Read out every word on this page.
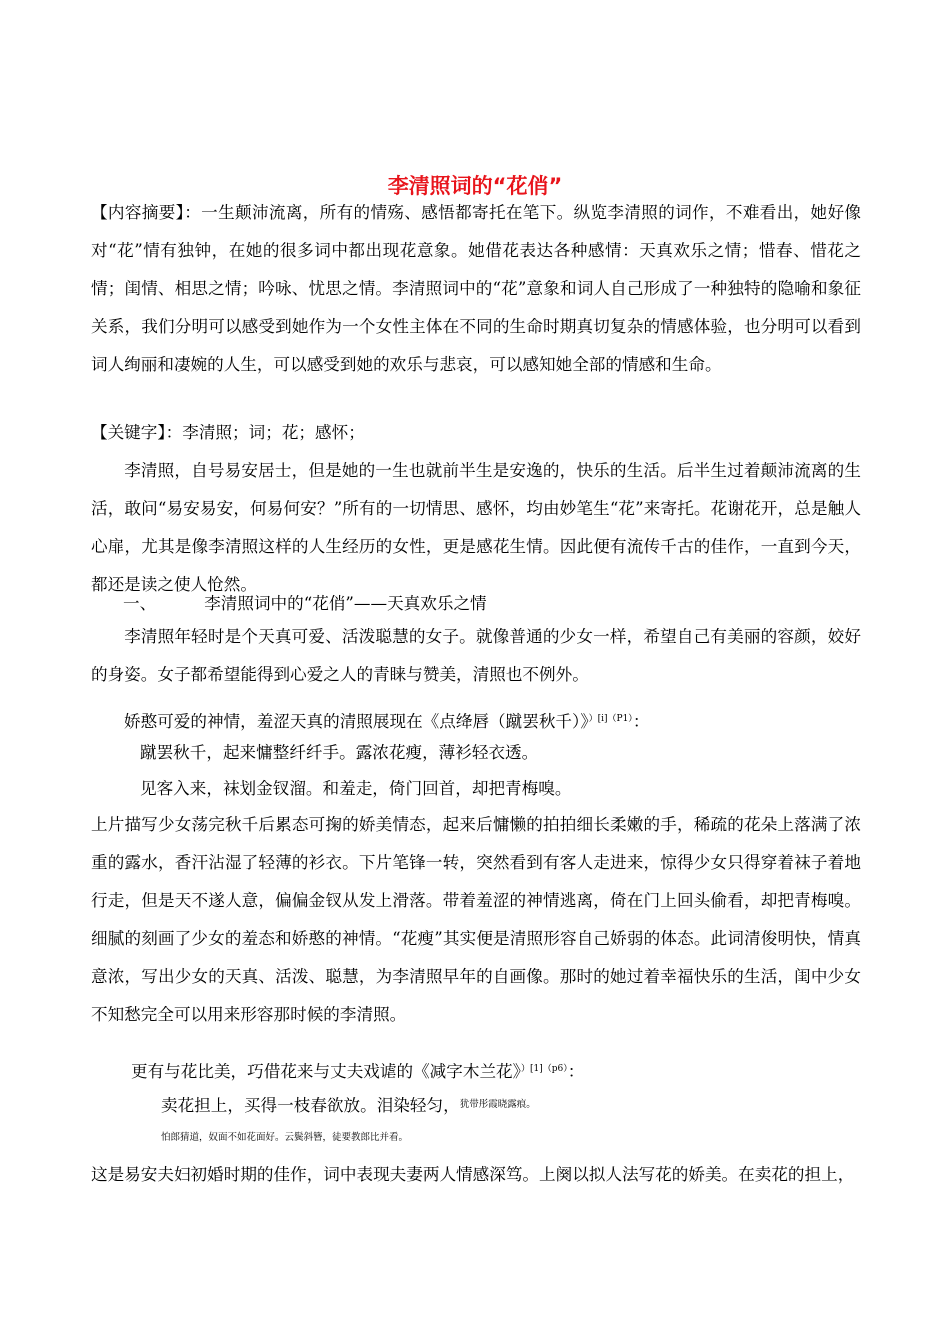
李清照词的“花俏”

【内容摘要】：一生颠沛流离，所有的情殇、感悟都寄托在笔下。纵览李清照的词作，不难看出，她好像对“花”情有独钟，在她的很多词中都出现花意象。她借花表达各种感情：天真欢乐之情；惜春、惜花之情；闺情、相思之情；吟咏、忧思之情。李清照词中的“花”意象和词人自己形成了一种独特的隐喻和象征关系，我们分明可以感受到她作为一个女性主体在不同的生命时期真切复杂的情感体验，也分明可以看到词人绚丽和凄婉的人生，可以感受到她的欢乐与悲哀，可以感知她全部的情感和生命。

【关键字】：李清照；词；花；感怀；

李清照，自号易安居士，但是她的一生也就前半生是安逸的，快乐的生活。后半生过着颠沛流离的生活，敢问“易安易安，何易何安？”所有的一切情思、感怀，均由妙笔生“花”来寄托。花谢花开，总是触人心扉，尤其是像李清照这样的人生经历的女性，更是感花生情。因此便有流传千古的佳作，一直到今天，都还是读之使人怆然。

一、	李清照词中的“花俏”——天真欢乐之情

李清照年轻时是个天真可爱、活泼聪慧的女子。就像普通的少女一样，希望自己有美丽的容颜，姣好的身姿。女子都希望能得到心爱之人的青睐与赞美，清照也不例外。

娇憨可爱的神情，羞涩天真的清照展现在《点绛唇（蹴罢秋千）》$^{)[ⅰ](P1)}$：

蹴罢秋千，起来慵整纤纤手。露浓花瘦，薄衫轻衣透。

见客入来，袜划金钗溜。和羞走，倚门回首，却把青梅嗅。

上片描写少女荡完秋千后累态可掬的娇美情态，起来后慵懒的拍拍细长柔嫩的手，稀疏的花朵上落满了浓重的露水，香汗沾湿了轻薄的衫衣。下片笔锋一转，突然看到有客人走进来，惊得少女只得穿着袜子着地行走，但是天不遂人意，偏偏金钗从发上滑落。带着羞涩的神情逃离，倚在门上回头偷看，却把青梅嗅。细腻的刻画了少女的羞态和娇憨的神情。“花瘦”其实便是清照形容自己娇弱的体态。此词清俊明快，情真意浓，写出少女的天真、活泼、聪慧，为李清照早年的自画像。那时的她过着幸福快乐的生活，闺中少女不知愁完全可以用来形容那时候的李清照。

更有与花比美，巧借花来与丈夫戏谑的《减字木兰花》$^{)[1](p6)}$：

卖花担上，买得一枝春欲放。泪染轻匀，$^{犹带彤霞晓露痕。}$

怕郎猜道，奴面不如花面好。云鬓斜簪，徒要教郎比并看。

这是易安夫妇初婚时期的佳作，词中表现夫妻两人情感深笃。上阕以拟人法写花的娇美。在卖花的担上，
